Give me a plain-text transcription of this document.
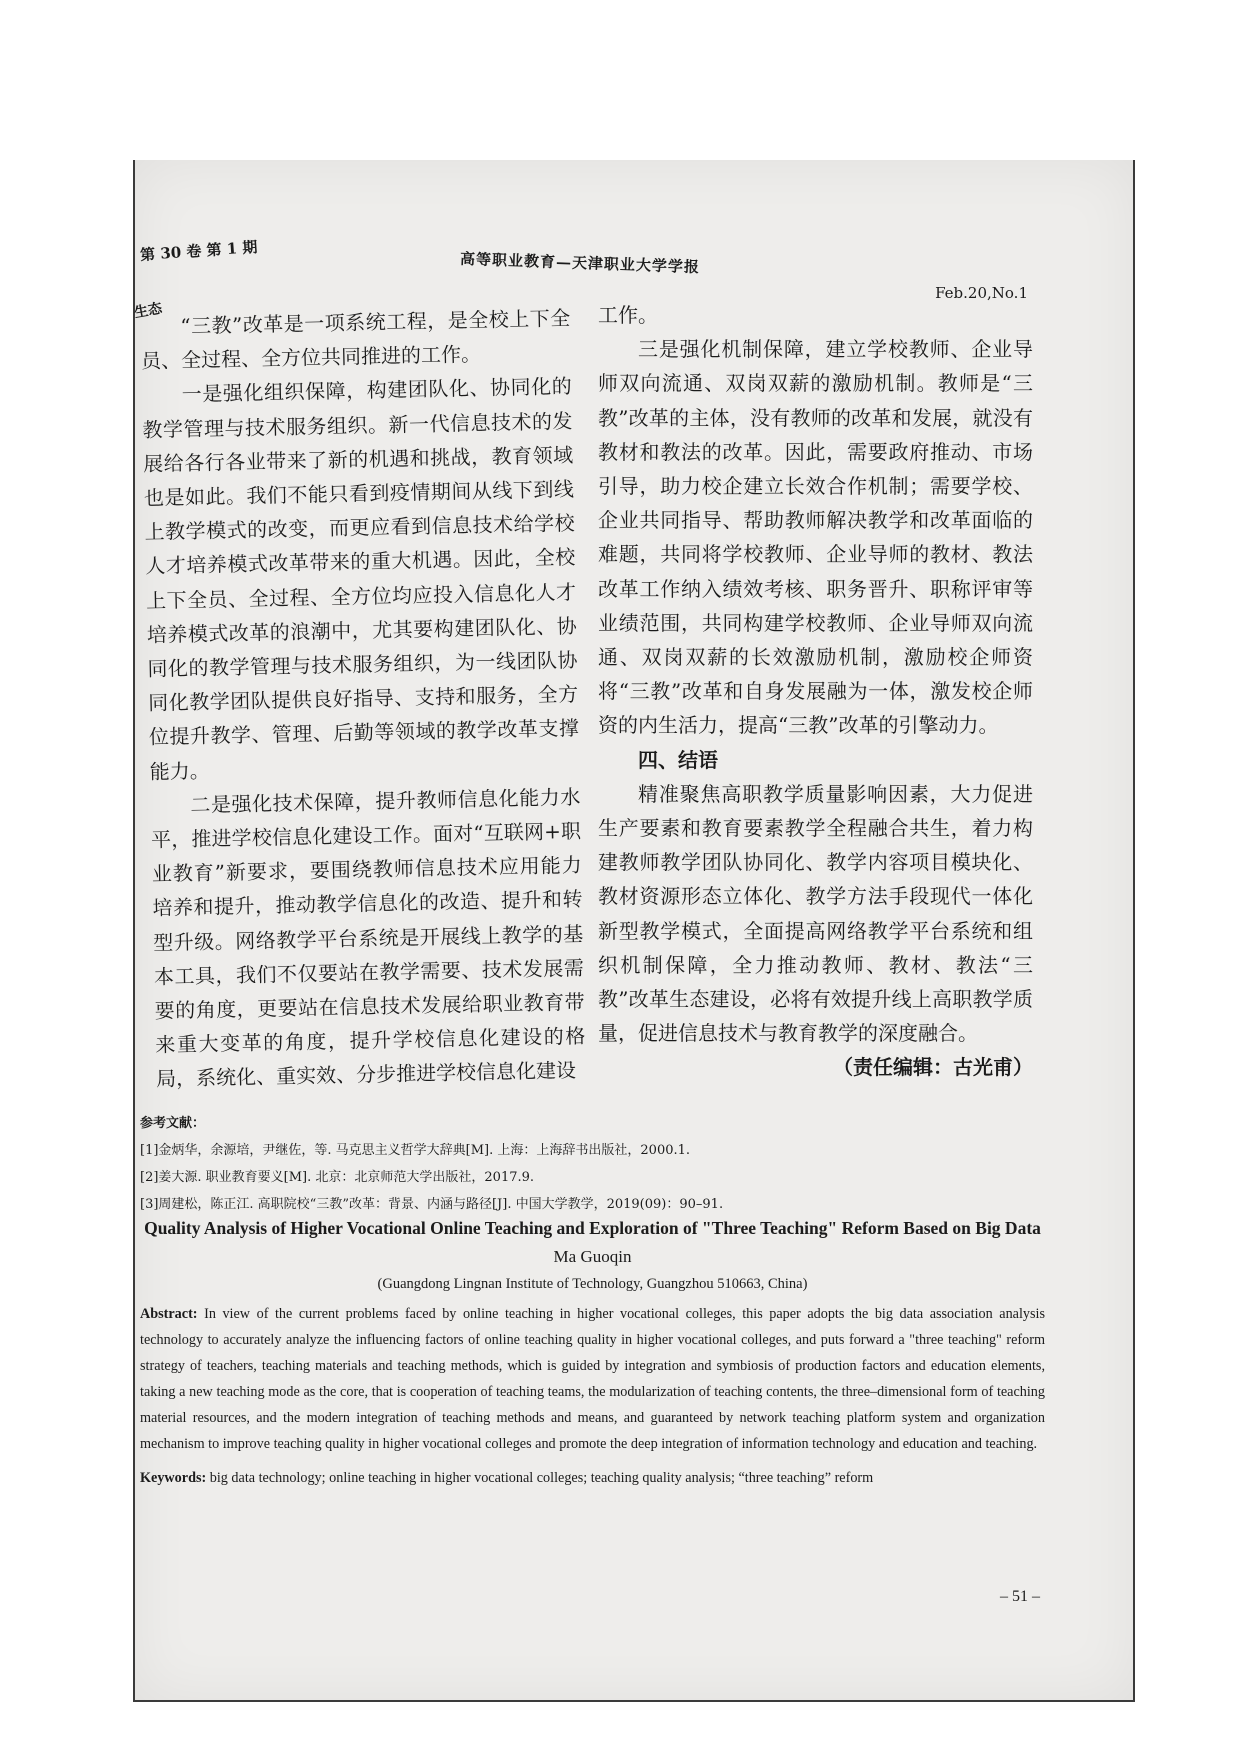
第 30 卷 第 1 期	高等职业教育—天津职业大学学报
Feb.20,No.1
生态 “三教”改革是一项系统工程，是全校上下全员、全过程、全方位共同推进的工作。

一是强化组织保障，构建团队化、协同化的教学管理与技术服务组织。新一代信息技术的发展给各行各业带来了新的机遇和挑战，教育领域也是如此。我们不能只看到疫情期间从线下到线上教学模式的改变，而更应看到信息技术给学校人才培养模式改革带来的重大机遇。因此，全校上下全员、全过程、全方位均应投入信息化人才培养模式改革的浪潮中，尤其要构建团队化、协同化的教学管理与技术服务组织，为一线团队协同化教学团队提供良好指导、支持和服务，全方位提升教学、管理、后勤等领域的教学改革支撑能力。

二是强化技术保障，提升教师信息化能力水平，推进学校信息化建设工作。面对“互联网+职业教育”新要求，要围绕教师信息技术应用能力培养和提升，推动教学信息化的改造、提升和转型升级。网络教学平台系统是开展线上教学的基本工具，我们不仅要站在教学需要、技术发展需要的角度，更要站在信息技术发展给职业教育带来重大变革的角度，提升学校信息化建设的格局，系统化、重实效、分步推进学校信息化建设

工作。

三是强化机制保障，建立学校教师、企业导师双向流通、双岗双薪的激励机制。教师是“三教”改革的主体，没有教师的改革和发展，就没有教材和教法的改革。因此，需要政府推动、市场引导，助力校企建立长效合作机制；需要学校、企业共同指导、帮助教师解决教学和改革面临的难题，共同将学校教师、企业导师的教材、教法改革工作纳入绩效考核、职务晋升、职称评审等业绩范围，共同构建学校教师、企业导师双向流通、双岗双薪的长效激励机制，激励校企师资将“三教”改革和自身发展融为一体，激发校企师资的内生活力，提高“三教”改革的引擎动力。

四、结语

精准聚焦高职教学质量影响因素，大力促进生产要素和教育要素教学全程融合共生，着力构建教师教学团队协同化、教学内容项目模块化、教材资源形态立体化、教学方法手段现代一体化新型教学模式，全面提高网络教学平台系统和组织机制保障，全力推动教师、教材、教法“三教”改革生态建设，必将有效提升线上高职教学质量，促进信息技术与教育教学的深度融合。

（责任编辑：古光甫）

参考文献：
[1]金炳华，余源培，尹继佐，等. 马克思主义哲学大辞典[M]. 上海：上海辞书出版社，2000.1.
[2]姜大源. 职业教育要义[M]. 北京：北京师范大学出版社，2017.9.
[3]周建松，陈正江. 高职院校“三教”改革：背景、内涵与路径[J]. 中国大学教学，2019(09)：90–91.
Quality Analysis of Higher Vocational Online Teaching and Exploration of "Three Teaching" Reform Based on Big Data
Ma Guoqin
(Guangdong Lingnan Institute of Technology, Guangzhou 510663, China)
Abstract: In view of the current problems faced by online teaching in higher vocational colleges, this paper adopts the big data association analysis technology to accurately analyze the influencing factors of online teaching quality in higher vocational colleges, and puts forward a "three teaching" reform strategy of teachers, teaching materials and teaching methods, which is guided by integration and symbiosis of production factors and education elements, taking a new teaching mode as the core, that is cooperation of teaching teams, the modularization of teaching contents, the three–dimensional form of teaching material resources, and the modern integration of teaching methods and means, and guaranteed by network teaching platform system and organization mechanism to improve teaching quality in higher vocational colleges and promote the deep integration of information technology and education and teaching.
Keywords: big data technology; online teaching in higher vocational colleges; teaching quality analysis; “three teaching” reform
– 51 –
